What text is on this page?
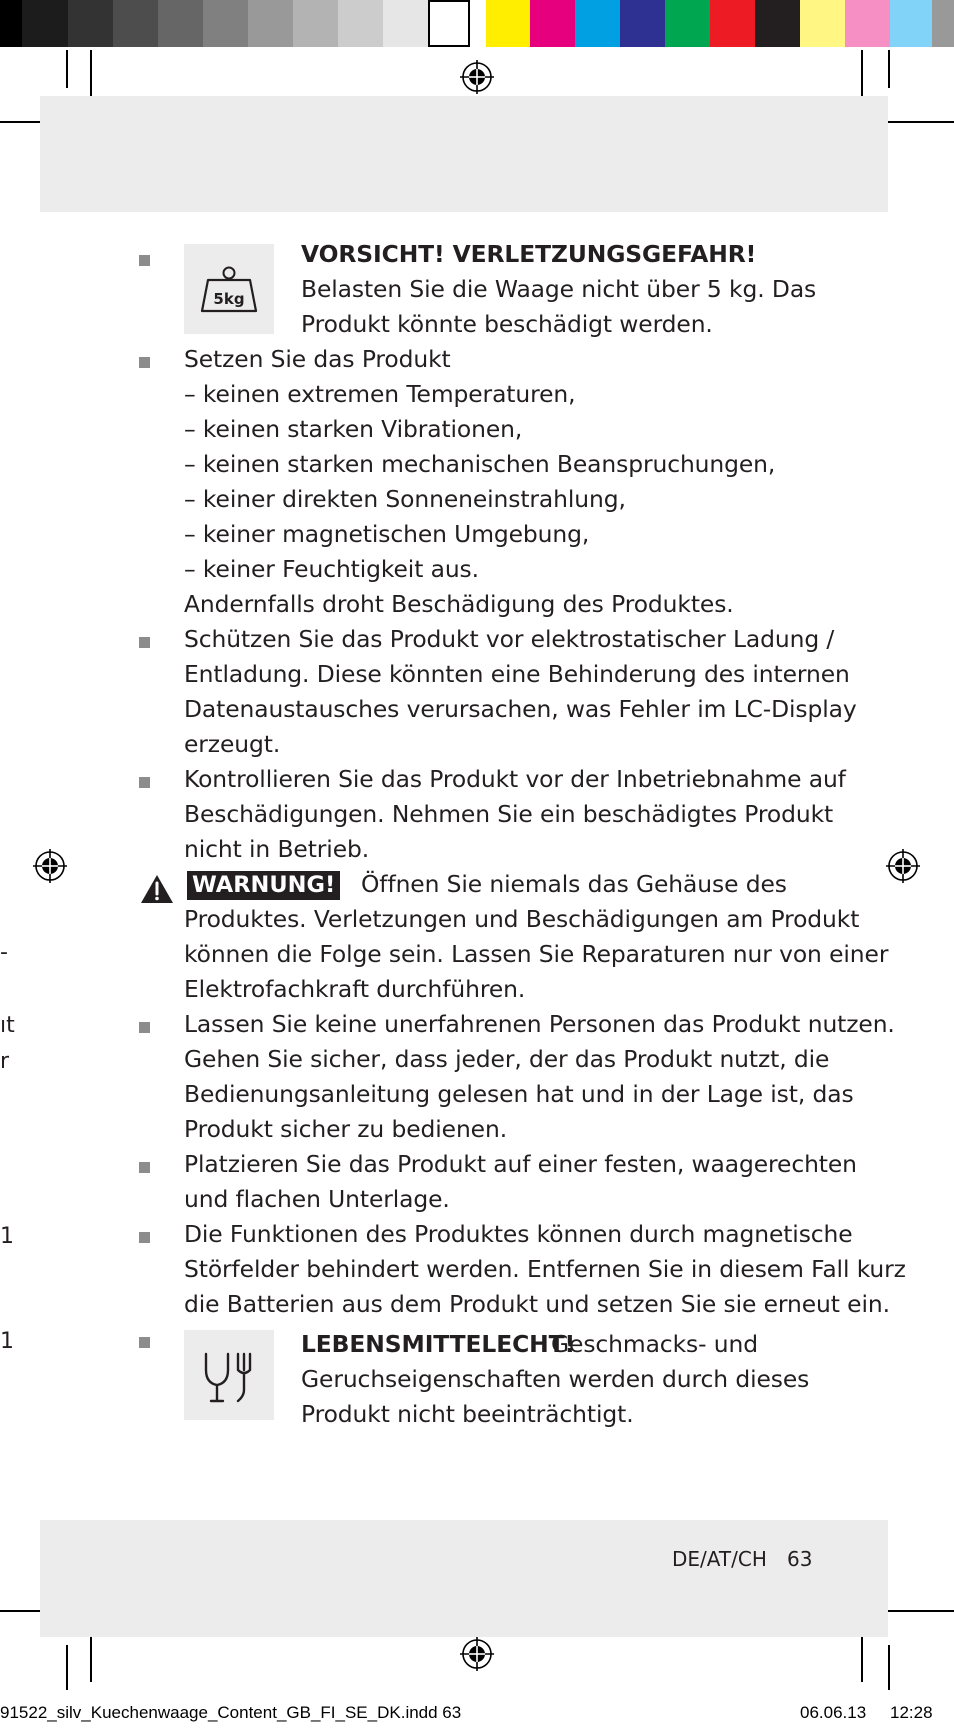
-
ıt
r
1
1
5kg
VORSICHT! VERLETZUNGSGEFAHR!
Belasten Sie die Waage nicht über 5 kg. Das
Produkt könnte beschädigt werden.
Setzen Sie das Produkt
– keinen extremen Temperaturen,
– keinen starken Vibrationen,
– keinen starken mechanischen Beanspruchungen,
– keiner direkten Sonneneinstrahlung,
– keiner magnetischen Umgebung,
– keiner Feuchtigkeit aus.
Andernfalls droht Beschädigung des Produktes.
Schützen Sie das Produkt vor elektrostatischer Ladung /
Entladung. Diese könnten eine Behinderung des internen
Datenaustausches verursachen, was Fehler im LC-Display
erzeugt.
Kontrollieren Sie das Produkt vor der Inbetriebnahme auf
Beschädigungen. Nehmen Sie ein beschädigtes Produkt
nicht in Betrieb.
WARNUNG! Öffnen Sie niemals das Gehäuse des
Produktes. Verletzungen und Beschädigungen am Produkt
können die Folge sein. Lassen Sie Reparaturen nur von einer
Elektrofachkraft durchführen.
Lassen Sie keine unerfahrenen Personen das Produkt nutzen.
Gehen Sie sicher, dass jeder, der das Produkt nutzt, die
Bedienungsanleitung gelesen hat und in der Lage ist, das
Produkt sicher zu bedienen.
Platzieren Sie das Produkt auf einer festen, waagerechten
und flachen Unterlage.
Die Funktionen des Produktes können durch magnetische
Störfelder behindert werden. Entfernen Sie in diesem Fall kurz
die Batterien aus dem Produkt und setzen Sie sie erneut ein.
LEBENSMITTELECHT!
Geschmacks- und
Geruchseigenschaften werden durch dieses
Produkt nicht beeinträchtigt.
DE/AT/CH 63
91522_silv_Kuechenwaage_Content_GB_FI_SE_DK.indd 63	06.06.13 12:28
